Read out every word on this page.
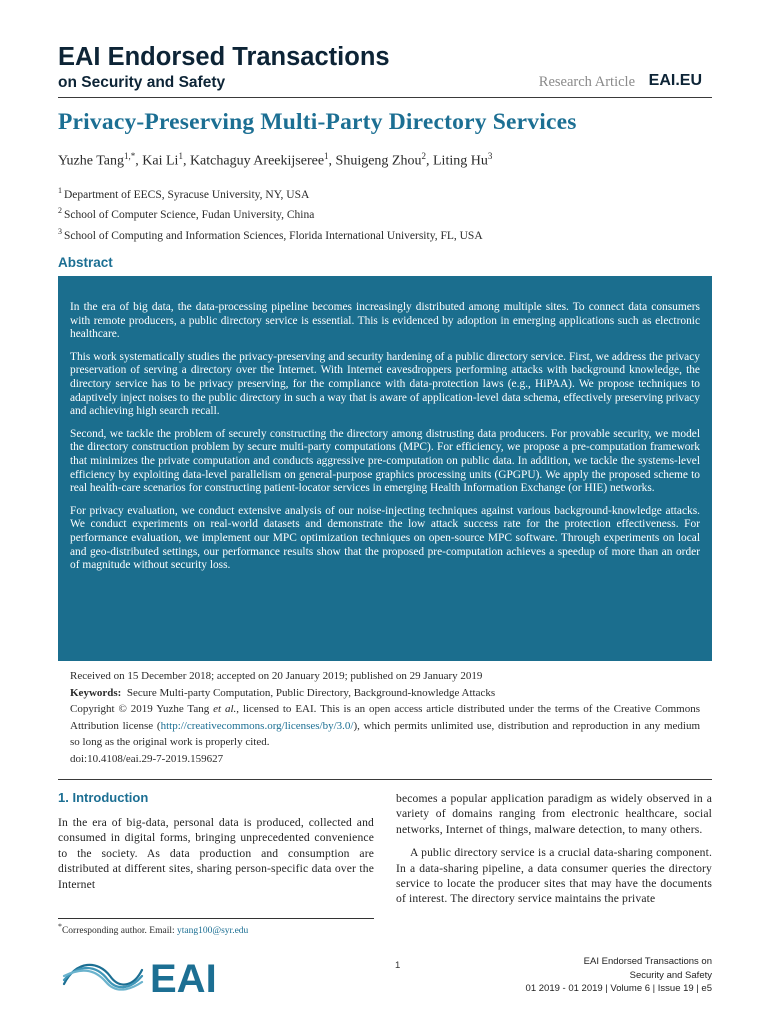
EAI Endorsed Transactions
on Security and Safety	Research Article EAI.EU
Privacy-Preserving Multi-Party Directory Services
Yuzhe Tang$^{1,*}$, Kai Li$^1$, Katchaguy Areekijseree$^1$, Shuigeng Zhou$^2$, Liting Hu$^3$
$^1$ Department of EECS, Syracuse University, NY, USA
$^2$ School of Computer Science, Fudan University, China
$^3$ School of Computing and Information Sciences, Florida International University, FL, USA
Abstract

In the era of big data, the data-processing pipeline becomes increasingly distributed among multiple sites. To connect data consumers with remote producers, a public directory service is essential. This is evidenced by adoption in emerging applications such as electronic healthcare.

This work systematically studies the privacy-preserving and security hardening of a public directory service. First, we address the privacy preservation of serving a directory over the Internet. With Internet eavesdroppers performing attacks with background knowledge, the directory service has to be privacy preserving, for the compliance with data-protection laws (e.g., HiPAA). We propose techniques to adaptively inject noises to the public directory in such a way that is aware of application-level data schema, effectively preserving privacy and achieving high search recall.

Second, we tackle the problem of securely constructing the directory among distrusting data producers. For provable security, we model the directory construction problem by secure multi-party computations (MPC). For efficiency, we propose a pre-computation framework that minimizes the private computation and conducts aggressive pre-computation on public data. In addition, we tackle the systems-level efficiency by exploiting data-level parallelism on general-purpose graphics processing units (GPGPU). We apply the proposed scheme to real health-care scenarios for constructing patient-locator services in emerging Health Information Exchange (or HIE) networks.

For privacy evaluation, we conduct extensive analysis of our noise-injecting techniques against various background-knowledge attacks. We conduct experiments on real-world datasets and demonstrate the low attack success rate for the protection effectiveness. For performance evaluation, we implement our MPC optimization techniques on open-source MPC software. Through experiments on local and geo-distributed settings, our performance results show that the proposed pre-computation achieves a speedup of more than an order of magnitude without security loss.

Received on 15 December 2018; accepted on 20 January 2019; published on 29 January 2019

Keywords: Secure Multi-party Computation, Public Directory, Background-knowledge Attacks

Copyright © 2019 Yuzhe Tang et al., licensed to EAI. This is an open access article distributed under the terms of the Creative Commons Attribution license (http://creativecommons.org/licenses/by/3.0/), which permits unlimited use, distribution and reproduction in any medium so long as the original work is properly cited.

doi:10.4108/eai.29-7-2019.159627

1. Introduction

In the era of big-data, personal data is produced, collected and consumed in digital forms, bringing unprecedented convenience to the society. As data production and consumption are distributed at different sites, sharing person-specific data over the Internet

becomes a popular application paradigm as widely observed in a variety of domains ranging from electronic healthcare, social networks, Internet of things, malware detection, to many others.

A public directory service is a crucial data-sharing component. In a data-sharing pipeline, a data consumer queries the directory service to locate the producer sites that may have the documents of interest. The directory service maintains the private

*Corresponding author. Email: ytang100@syr.edu
EAI	1	EAI Endorsed Transactions on
Security and Safety
01 2019 - 01 2019 | Volume 6 | Issue 19 | e5
